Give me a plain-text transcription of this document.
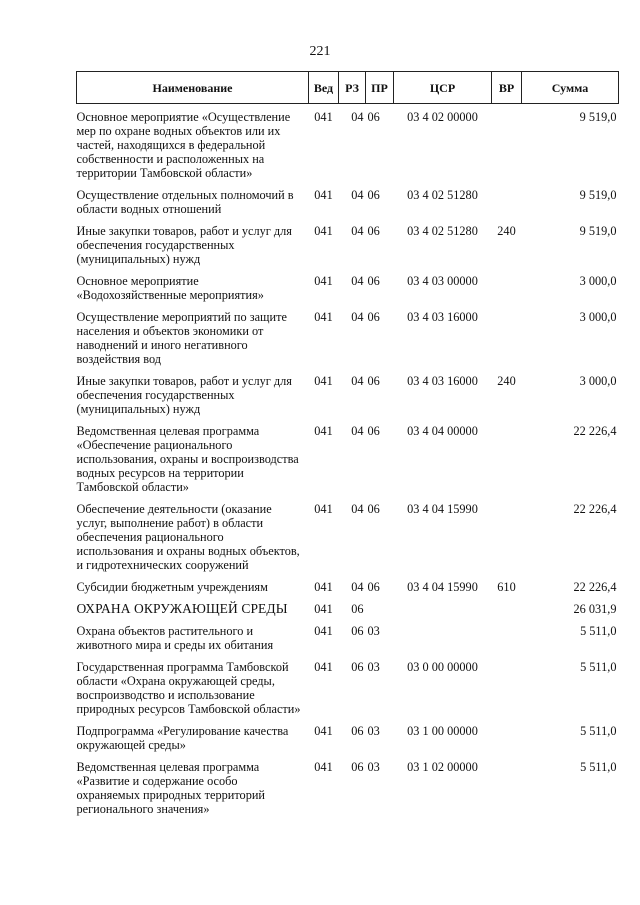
221
Наименование	Вед	РЗ	ПР	ЦСР	ВР	Сумма
Основное мероприятие «Осуществление мер по охране водных объектов или их частей, находящихся в федеральной собственности и расположенных на территории Тамбовской области»	041	04	06	03 4 02 00000		9 519,0
Осуществление отдельных полномочий в области водных отношений	041	04	06	03 4 02 51280		9 519,0
Иные закупки товаров, работ и услуг для обеспечения государственных (муниципальных) нужд	041	04	06	03 4 02 51280	240	9 519,0
Основное мероприятие «Водохозяйственные мероприятия»	041	04	06	03 4 03 00000		3 000,0
Осуществление мероприятий по защите населения и объектов экономики от наводнений и иного негативного воздействия вод	041	04	06	03 4 03 16000		3 000,0
Иные закупки товаров, работ и услуг для обеспечения государственных (муниципальных) нужд	041	04	06	03 4 03 16000	240	3 000,0
Ведомственная целевая программа «Обеспечение рационального использования, охраны и воспроизводства водных ресурсов на территории Тамбовской области»	041	04	06	03 4 04 00000		22 226,4
Обеспечение деятельности (оказание услуг, выполнение работ) в области обеспечения рационального использования и охраны водных объектов, и гидротехнических сооружений	041	04	06	03 4 04 15990		22 226,4
Субсидии бюджетным учреждениям	041	04	06	03 4 04 15990	610	22 226,4
ОХРАНА ОКРУЖАЮЩЕЙ СРЕДЫ	041	06				26 031,9
Охрана объектов растительного и животного мира и среды их обитания	041	06	03			5 511,0
Государственная программа Тамбовской области «Охрана окружающей среды, воспроизводство и использование природных ресурсов Тамбовской области»	041	06	03	03 0 00 00000		5 511,0
Подпрограмма «Регулирование качества окружающей среды»	041	06	03	03 1 00 00000		5 511,0
Ведомственная целевая программа «Развитие и содержание особо охраняемых природных территорий регионального значения»	041	06	03	03 1 02 00000		5 511,0
